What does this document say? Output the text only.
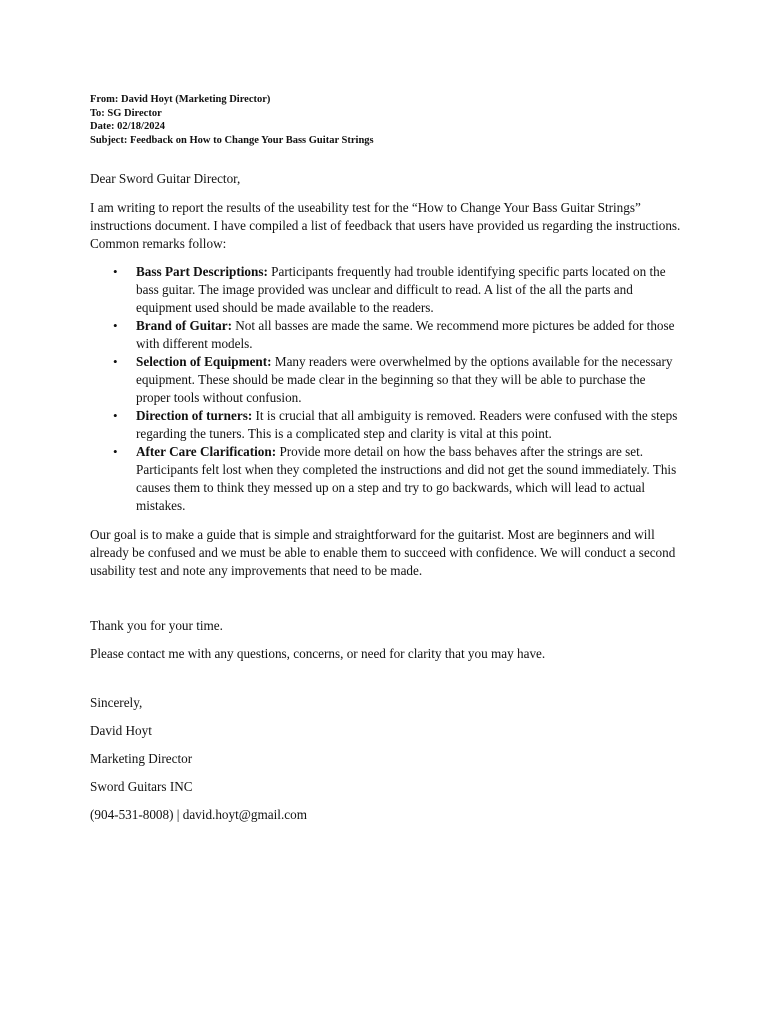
From: David Hoyt (Marketing Director)
To: SG Director
Date: 02/18/2024
Subject: Feedback on How to Change Your Bass Guitar Strings
Dear Sword Guitar Director,
I am writing to report the results of the useability test for the “How to Change Your Bass Guitar Strings” instructions document. I have compiled a list of feedback that users have provided us regarding the instructions. Common remarks follow:
• Bass Part Descriptions: Participants frequently had trouble identifying specific parts located on the bass guitar. The image provided was unclear and difficult to read. A list of the all the parts and equipment used should be made available to the readers.
• Brand of Guitar: Not all basses are made the same. We recommend more pictures be added for those with different models.
• Selection of Equipment: Many readers were overwhelmed by the options available for the necessary equipment. These should be made clear in the beginning so that they will be able to purchase the proper tools without confusion.
• Direction of turners: It is crucial that all ambiguity is removed. Readers were confused with the steps regarding the tuners. This is a complicated step and clarity is vital at this point.
• After Care Clarification: Provide more detail on how the bass behaves after the strings are set. Participants felt lost when they completed the instructions and did not get the sound immediately. This causes them to think they messed up on a step and try to go backwards, which will lead to actual mistakes.
Our goal is to make a guide that is simple and straightforward for the guitarist. Most are beginners and will already be confused and we must be able to enable them to succeed with confidence. We will conduct a second usability test and note any improvements that need to be made.
Thank you for your time.
Please contact me with any questions, concerns, or need for clarity that you may have.
Sincerely,
David Hoyt
Marketing Director
Sword Guitars INC
(904-531-8008) | david.hoyt@gmail.com
